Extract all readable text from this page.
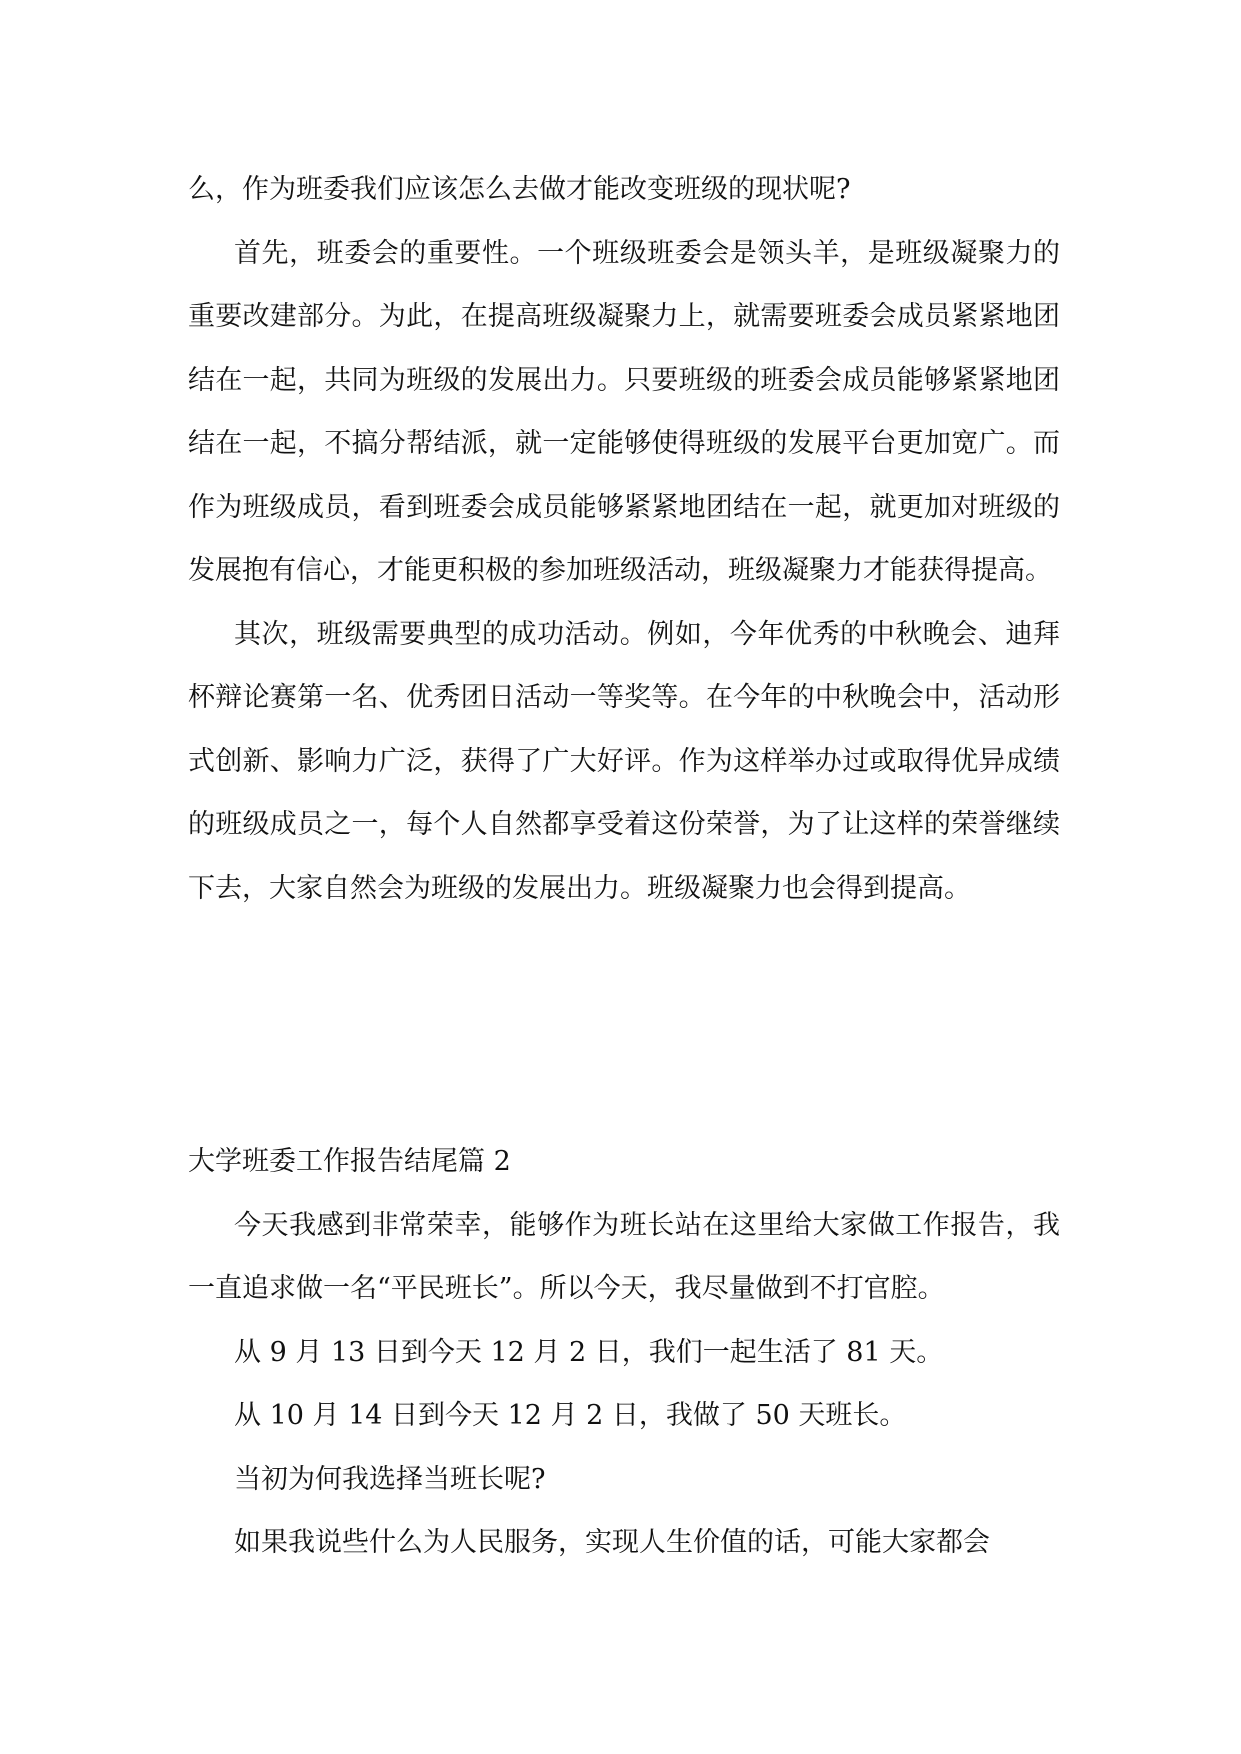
么，作为班委我们应该怎么去做才能改变班级的现状呢?

首先，班委会的重要性。一个班级班委会是领头羊，是班级凝聚力的重要改建部分。为此，在提高班级凝聚力上，就需要班委会成员紧紧地团结在一起，共同为班级的发展出力。只要班级的班委会成员能够紧紧地团结在一起，不搞分帮结派，就一定能够使得班级的发展平台更加宽广。而作为班级成员，看到班委会成员能够紧紧地团结在一起，就更加对班级的发展抱有信心，才能更积极的参加班级活动，班级凝聚力才能获得提高。

其次，班级需要典型的成功活动。例如，今年优秀的中秋晚会、迪拜杯辩论赛第一名、优秀团日活动一等奖等。在今年的中秋晚会中，活动形式创新、影响力广泛，获得了广大好评。作为这样举办过或取得优异成绩的班级成员之一，每个人自然都享受着这份荣誉，为了让这样的荣誉继续下去，大家自然会为班级的发展出力。班级凝聚力也会得到提高。

大学班委工作报告结尾篇 2

今天我感到非常荣幸，能够作为班长站在这里给大家做工作报告，我一直追求做一名“平民班长”。所以今天，我尽量做到不打官腔。

从 9 月 13 日到今天 12 月 2 日，我们一起生活了 81 天。

从 10 月 14 日到今天 12 月 2 日，我做了 50 天班长。

当初为何我选择当班长呢?

如果我说些什么为人民服务，实现人生价值的话，可能大家都会
